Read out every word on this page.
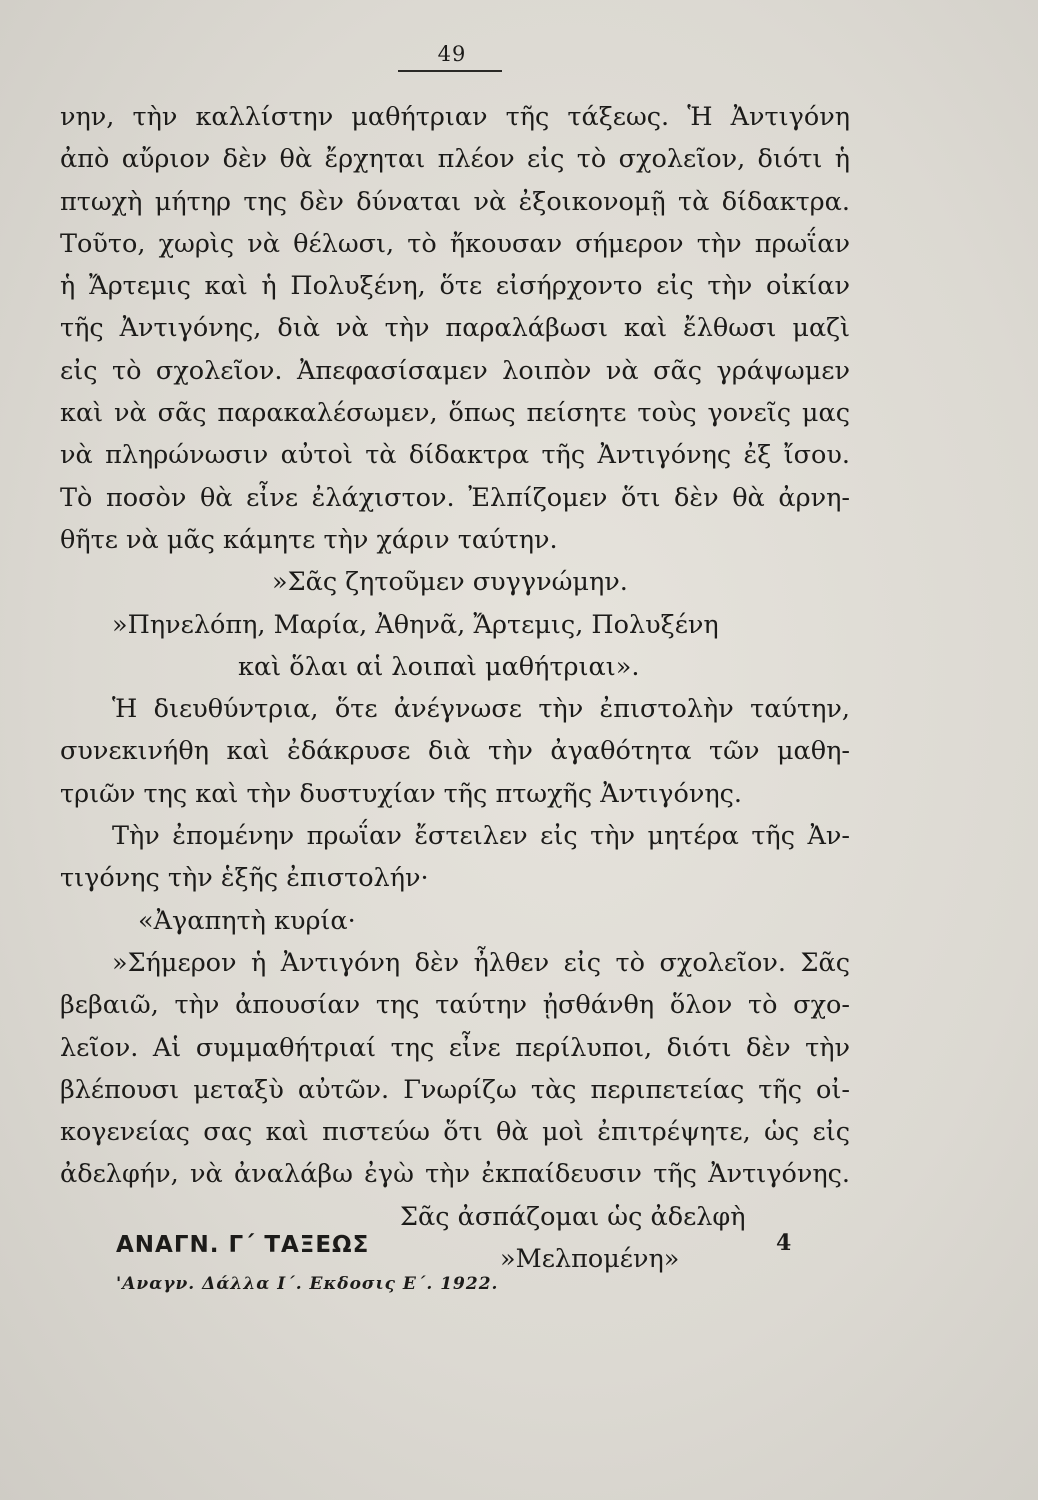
49
νην, τὴν καλλίστην μαθήτριαν τῆς τάξεως. Ἡ Ἀντιγόνη
ἀπὸ αὔριον δὲν θὰ ἔρχηται πλέον εἰς τὸ σχολεῖον, διότι ἡ
πτωχὴ μήτηρ της δὲν δύναται νὰ ἐξοικονομῇ τὰ δίδακτρα.
Τοῦτο, χωρὶς νὰ θέλωσι, τὸ ἤκουσαν σήμερον τὴν πρωΐαν
ἡ Ἄρτεμις καὶ ἡ Πολυξένη, ὅτε εἰσήρχοντο εἰς τὴν οἰκίαν
τῆς Ἀντιγόνης, διὰ νὰ τὴν παραλάβωσι καὶ ἔλθωσι μαζὶ
εἰς τὸ σχολεῖον. Ἀπεφασίσαμεν λοιπὸν νὰ σᾶς γράψωμεν
καὶ νὰ σᾶς παρακαλέσωμεν, ὅπως πείσητε τοὺς γονεῖς μας
νὰ πληρώνωσιν αὐτοὶ τὰ δίδακτρα τῆς Ἀντιγόνης ἐξ ἴσου.
Τὸ ποσὸν θὰ εἶνε ἐλάχιστον. Ἐλπίζομεν ὅτι δὲν θὰ ἀρνη-
θῆτε νὰ μᾶς κάμητε τὴν χάριν ταύτην.
»Σᾶς ζητοῦμεν συγγνώμην.
»Πηνελόπη, Μαρία, Ἀθηνᾶ, Ἄρτεμις, Πολυξένη
καὶ ὅλαι αἱ λοιπαὶ μαθήτριαι».
Ἡ διευθύντρια, ὅτε ἀνέγνωσε τὴν ἐπιστολὴν ταύτην,
συνεκινήθη καὶ ἐδάκρυσε διὰ τὴν ἀγαθότητα τῶν μαθη-
τριῶν της καὶ τὴν δυστυχίαν τῆς πτωχῆς Ἀντιγόνης.
Τὴν ἐπομένην πρωΐαν ἔστειλεν εἰς τὴν μητέρα τῆς Ἀν-
τιγόνης τὴν ἑξῆς ἐπιστολήν·
«Ἀγαπητὴ κυρία·
»Σήμερον ἡ Ἀντιγόνη δὲν ἦλθεν εἰς τὸ σχολεῖον. Σᾶς
βεβαιῶ, τὴν ἀπουσίαν της ταύτην ᾐσθάνθη ὅλον τὸ σχο-
λεῖον. Αἱ συμμαθήτριαί της εἶνε περίλυποι, διότι δὲν τὴν
βλέπουσι μεταξὺ αὐτῶν. Γνωρίζω τὰς περιπετείας τῆς οἰ-
κογενείας σας καὶ πιστεύω ὅτι θὰ μοὶ ἐπιτρέψητε, ὡς εἰς
ἀδελφήν, νὰ ἀναλάβω ἐγὼ τὴν ἐκπαίδευσιν τῆς Ἀντιγόνης.
Σᾶς ἀσπάζομαι ὡς ἀδελφὴ
»Μελπομένη»
ΑΝΑΓΝ. Γ΄ ΤΑΞΕΩΣ	4
'Αναγν. Δάλλα Ι΄. Εκδοσις Ε΄. 1922.
